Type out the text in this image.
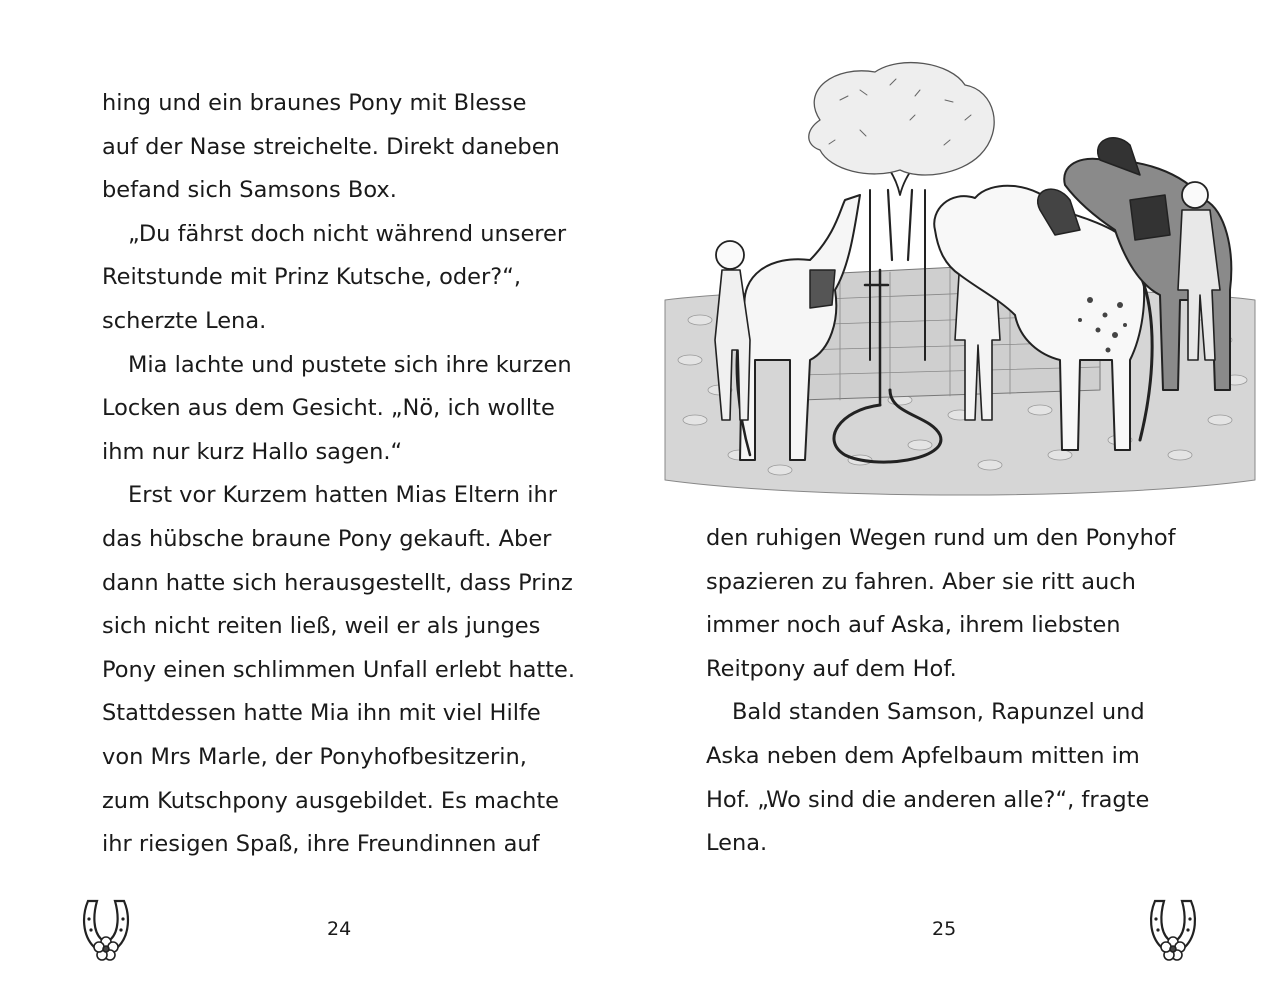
hing und ein braunes Pony mit Blesse
auf der Nase streichelte. Direkt daneben
befand sich Samsons Box.
„Du fährst doch nicht während unserer
Reitstunde mit Prinz Kutsche, oder?“,
scherzte Lena.
Mia lachte und pustete sich ihre kurzen
Locken aus dem Gesicht. „Nö, ich wollte
ihm nur kurz Hallo sagen.“
Erst vor Kurzem hatten Mias Eltern ihr
das hübsche braune Pony gekauft. Aber
dann hatte sich herausgestellt, dass Prinz
sich nicht reiten ließ, weil er als junges
Pony einen schlimmen Unfall erlebt hatte.
Stattdessen hatte Mia ihn mit viel Hilfe
von Mrs Marle, der Ponyhofbesitzerin,
zum Kutschpony ausgebildet. Es machte
ihr riesigen Spaß, ihre Freundinnen auf
24
den ruhigen Wegen rund um den Ponyhof
spazieren zu fahren. Aber sie ritt auch
immer noch auf Aska, ihrem liebsten
Reitpony auf dem Hof.
Bald standen Samson, Rapunzel und
Aska neben dem Apfelbaum mitten im
Hof. „Wo sind die anderen alle?“, fragte
Lena.
25
